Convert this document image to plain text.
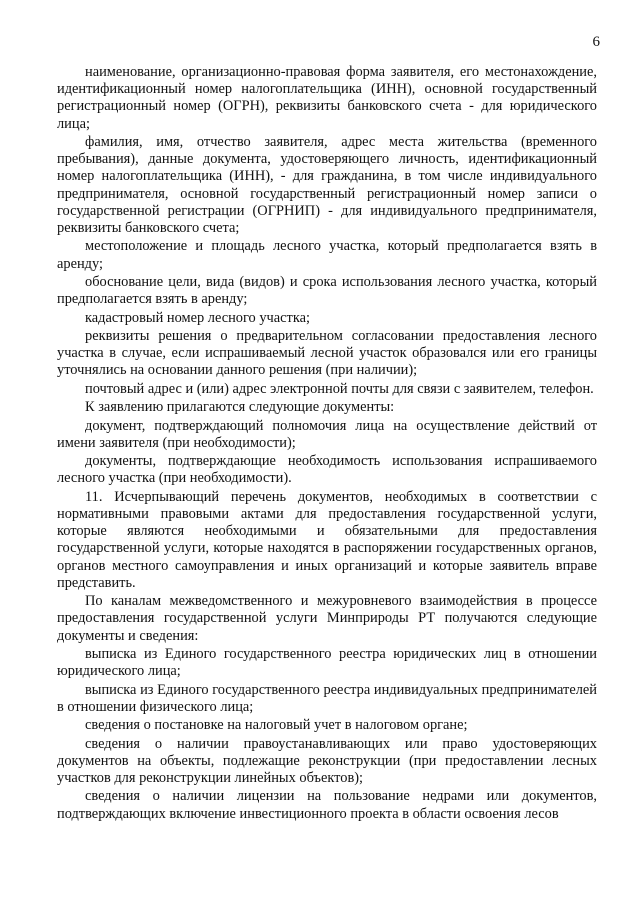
6

наименование, организационно-правовая форма заявителя, его местонахождение, идентификационный номер налогоплательщика (ИНН), основной государственный регистрационный номер (ОГРН), реквизиты банковского счета - для юридического лица;

фамилия, имя, отчество заявителя, адрес места жительства (временного пребывания), данные документа, удостоверяющего личность, идентификационный номер налогоплательщика (ИНН), - для гражданина, в том числе индивидуального предпринимателя, основной государственный регистрационный номер записи о государственной регистрации (ОГРНИП) - для индивидуального предпринимателя, реквизиты банковского счета;

местоположение и площадь лесного участка, который предполагается взять в аренду;

обоснование цели, вида (видов) и срока использования лесного участка, который предполагается взять в аренду;

кадастровый номер лесного участка;

реквизиты решения о предварительном согласовании предоставления лесного участка в случае, если испрашиваемый лесной участок образовался или его границы уточнялись на основании данного решения (при наличии);

почтовый адрес и (или) адрес электронной почты для связи с заявителем, телефон.

К заявлению прилагаются следующие документы:

документ, подтверждающий полномочия лица на осуществление действий от имени заявителя (при необходимости);

документы, подтверждающие необходимость использования испрашиваемого лесного участка (при необходимости).

11. Исчерпывающий перечень документов, необходимых в соответствии с нормативными правовыми актами для предоставления государственной услуги, которые являются необходимыми и обязательными для предоставления государственной услуги, которые находятся в распоряжении государственных органов, органов местного самоуправления и иных организаций и которые заявитель вправе представить.

По каналам межведомственного и межуровневого взаимодействия в процессе предоставления государственной услуги Минприроды РТ получаются следующие документы и сведения:

выписка из Единого государственного реестра юридических лиц в отношении юридического лица;

выписка из Единого государственного реестра индивидуальных предпринимателей в отношении физического лица;

сведения о постановке на налоговый учет в налоговом органе;

сведения о наличии правоустанавливающих или право удостоверяющих документов на объекты, подлежащие реконструкции (при предоставлении лесных участков для реконструкции линейных объектов);

сведения о наличии лицензии на пользование недрами или документов, подтверждающих включение инвестиционного проекта в области освоения лесов
